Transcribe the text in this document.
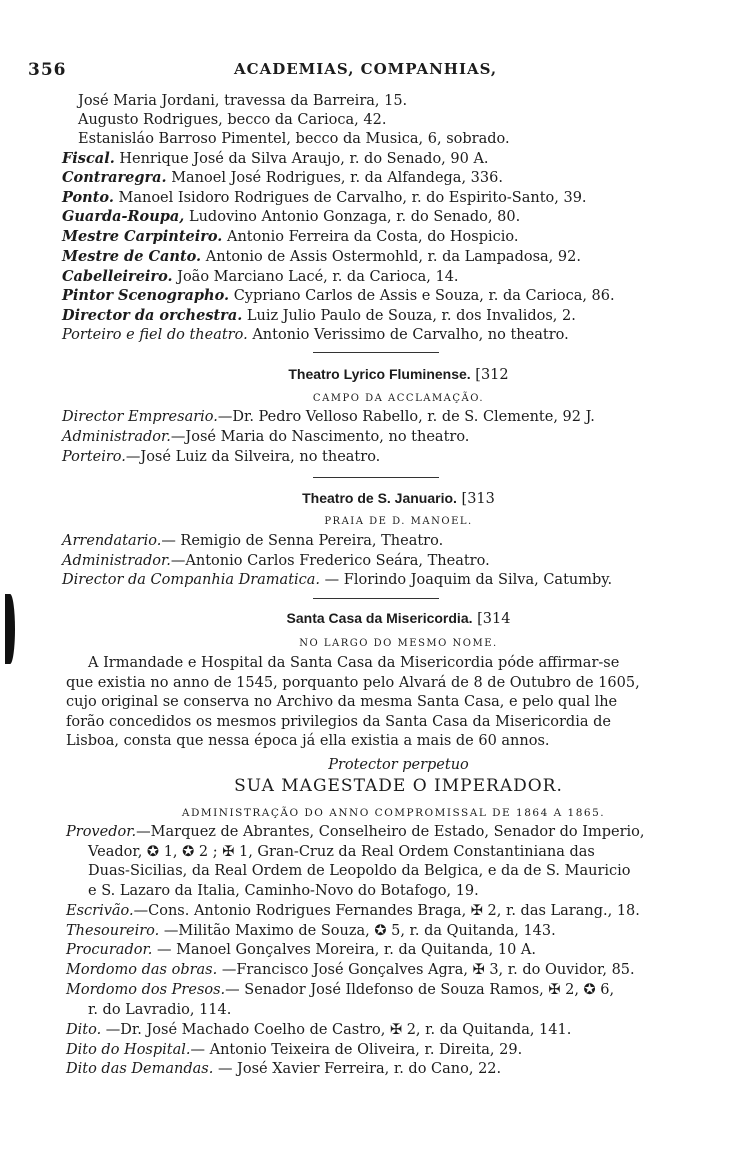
356	ACADEMIAS, COMPANHIAS,
José Maria Jordani, travessa da Barreira, 15.
Augusto Rodrigues, becco da Carioca, 42.
Estanisláo Barroso Pimentel, becco da Musica, 6, sobrado.
Fiscal. Henrique José da Silva Araujo, r. do Senado, 90 A.
Contraregra. Manoel José Rodrigues, r. da Alfandega, 336.
Ponto. Manoel Isidoro Rodrigues de Carvalho, r. do Espirito-Santo, 39.
Guarda-Roupa, Ludovino Antonio Gonzaga, r. do Senado, 80.
Mestre Carpinteiro. Antonio Ferreira da Costa, do Hospicio.
Mestre de Canto. Antonio de Assis Ostermohld, r. da Lampadosa, 92.
Cabelleireiro. João Marciano Lacé, r. da Carioca, 14.
Pintor Scenographo. Cypriano Carlos de Assis e Souza, r. da Carioca, 86.
Director da orchestra. Luiz Julio Paulo de Souza, r. dos Invalidos, 2.
Porteiro e fiel do theatro. Antonio Verissimo de Carvalho, no theatro.
Theatro Lyrico Fluminense. [312
CAMPO DA ACCLAMAÇÃO.
Director Empresario.—Dr. Pedro Velloso Rabello, r. de S. Clemente, 92 J.
Administrador.—José Maria do Nascimento, no theatro.
Porteiro.—José Luiz da Silveira, no theatro.
Theatro de S. Januario. [313
PRAIA DE D. MANOEL.
Arrendatario.— Remigio de Senna Pereira, Theatro.
Administrador.—Antonio Carlos Frederico Seára, Theatro.
Director da Companhia Dramatica. — Florindo Joaquim da Silva, Catumby.
Santa Casa da Misericordia. [314
NO LARGO DO MESMO NOME.
A Irmandade e Hospital da Santa Casa da Misericordia póde affirmar-se
que existia no anno de 1545, porquanto pelo Alvará de 8 de Outubro de 1605,
cujo original se conserva no Archivo da mesma Santa Casa, e pelo qual lhe
forão concedidos os mesmos privilegios da Santa Casa da Misericordia de
Lisboa, consta que nessa época já ella existia a mais de 60 annos.
Protector perpetuo
SUA MAGESTADE O IMPERADOR.
ADMINISTRAÇÃO DO ANNO COMPROMISSAL DE 1864 A 1865.
Provedor.—Marquez de Abrantes, Conselheiro de Estado, Senador do Imperio,
Veador, ✪ 1, ✪ 2 ; ✠ 1, Gran-Cruz da Real Ordem Constantiniana das
Duas-Sicilias, da Real Ordem de Leopoldo da Belgica, e da de S. Mauricio
e S. Lazaro da Italia, Caminho-Novo do Botafogo, 19.
Escrivão.—Cons. Antonio Rodrigues Fernandes Braga, ✠ 2, r. das Larang., 18.
Thesoureiro. —Militão Maximo de Souza, ✪ 5, r. da Quitanda, 143.
Procurador. — Manoel Gonçalves Moreira, r. da Quitanda, 10 A.
Mordomo das obras. —Francisco José Gonçalves Agra, ✠ 3, r. do Ouvidor, 85.
Mordomo dos Presos.— Senador José Ildefonso de Souza Ramos, ✠ 2, ✪ 6,
r. do Lavradio, 114.
Dito. —Dr. José Machado Coelho de Castro, ✠ 2, r. da Quitanda, 141.
Dito do Hospital.— Antonio Teixeira de Oliveira, r. Direita, 29.
Dito das Demandas. — José Xavier Ferreira, r. do Cano, 22.
